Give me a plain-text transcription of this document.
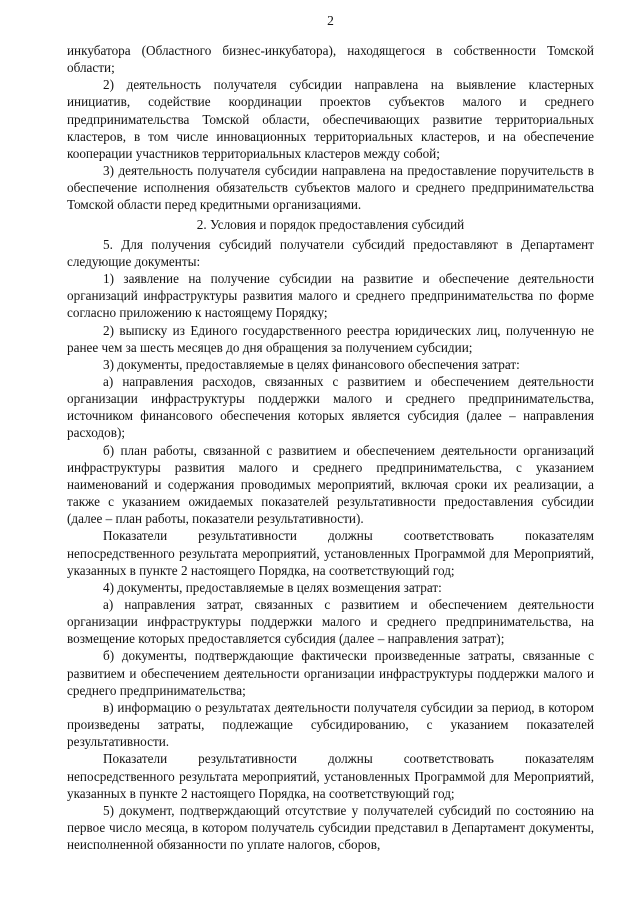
2

инкубатора (Областного бизнес-инкубатора), находящегося в собственности Томской области;

2) деятельность получателя субсидии направлена на выявление кластерных инициатив, содействие координации проектов субъектов малого и среднего предпринимательства Томской области, обеспечивающих развитие территориальных кластеров, в том числе инновационных территориальных кластеров, и на обеспечение кооперации участников территориальных кластеров между собой;

3) деятельность получателя субсидии направлена на предоставление поручительств в обеспечение исполнения обязательств субъектов малого и среднего предпринимательства Томской области перед кредитными организациями.

2. Условия и порядок предоставления субсидий

5. Для получения субсидий получатели субсидий предоставляют в Департамент следующие документы:

1) заявление на получение субсидии на развитие и обеспечение деятельности организаций инфраструктуры развития малого и среднего предпринимательства по форме согласно приложению к настоящему Порядку;

2) выписку из Единого государственного реестра юридических лиц, полученную не ранее чем за шесть месяцев до дня обращения за получением субсидии;

3) документы, предоставляемые в целях финансового обеспечения затрат:

а) направления расходов, связанных с развитием и обеспечением деятельности организации инфраструктуры поддержки малого и среднего предпринимательства, источником финансового обеспечения которых является субсидия (далее – направления расходов);

б) план работы, связанной с развитием и обеспечением деятельности организаций инфраструктуры развития малого и среднего предпринимательства, с указанием наименований и содержания проводимых мероприятий, включая сроки их реализации, а также с указанием ожидаемых показателей результативности предоставления субсидии (далее – план работы, показатели результативности).

Показатели результативности должны соответствовать показателям непосредственного результата мероприятий, установленных Программой для Мероприятий, указанных в пункте 2 настоящего Порядка, на соответствующий год;

4) документы, предоставляемые в целях возмещения затрат:

а) направления затрат, связанных с развитием и обеспечением деятельности организации инфраструктуры поддержки малого и среднего предпринимательства, на возмещение которых предоставляется субсидия (далее – направления затрат);

б) документы, подтверждающие фактически произведенные затраты, связанные с развитием и обеспечением деятельности организации инфраструктуры поддержки малого и среднего предпринимательства;

в) информацию о результатах деятельности получателя субсидии за период, в котором произведены затраты, подлежащие субсидированию, с указанием показателей результативности.

Показатели результативности должны соответствовать показателям непосредственного результата мероприятий, установленных Программой для Мероприятий, указанных в пункте 2 настоящего Порядка, на соответствующий год;

5) документ, подтверждающий отсутствие у получателей субсидий по состоянию на первое число месяца, в котором получатель субсидии представил в Департамент документы, неисполненной обязанности по уплате налогов, сборов,
